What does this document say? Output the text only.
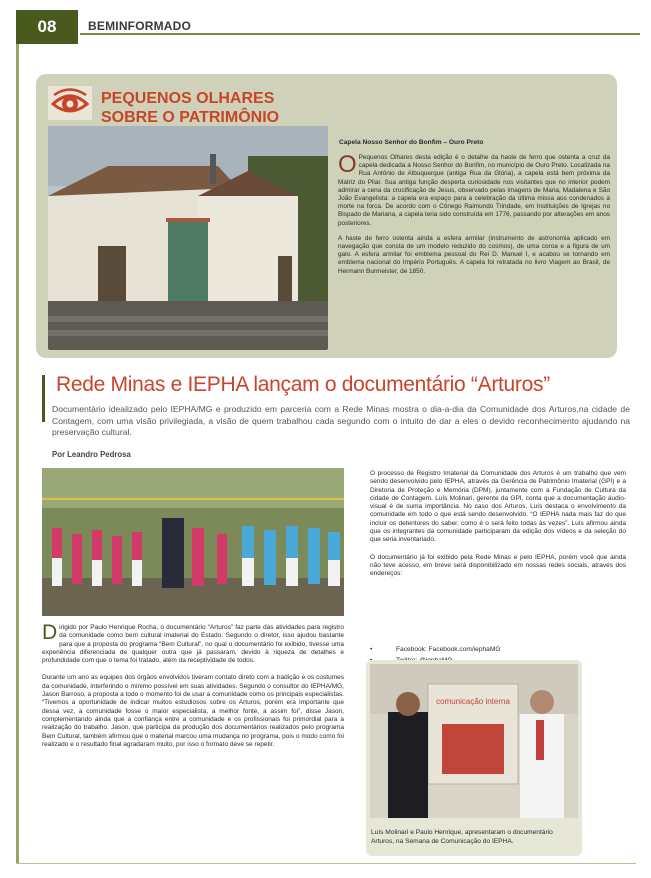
08	BEMINFORMADO
PEQUENOS OLHARES
SOBRE O PATRIMÔNIO
Capela Nosso Senhor do Bonfim – Ouro Preto

O Pequenos Olhares desta edição é o detalhe da haste de ferro que ostenta a cruz da capela dedicada a Nosso Senhor do Bonfim, no município de Ouro Preto. Localizada na Rua Antônio de Albuquerque (antiga Rua da Glória), a capela está bem próxima da Matriz do Pilar. Sua antiga função desperta curiosidade nos visitantes que no interior podem admirar a cena da crucificação de Jesus, observado pelas imagens de Maria, Madalena e São João Evangelista: a capela era espaço para a celebração da última missa aos condenados à morte na forca. De acordo com o Cônego Raimundo Trindade, em Instituições de Igrejas no Bispado de Mariana, a capela teria sido construída em 1776, passando por alterações em anos posteriores.

A haste de ferro ostenta ainda a esfera armilar (instrumento de astronomia aplicado em navegação que consta de um modelo reduzido do cosmos), de uma coroa e a figura de um galo. A esfera armilar foi emblema pessoal do Rei D. Manuel I, e acabou se tornando em emblema nacional do Império Português. A capela foi retratada no livro Viagem ao Brasil, de Hermann Burmeister, de 1850.

Rede Minas e IEPHA lançam o documentário “Arturos”
Documentário idealizado pelo IEPHA/MG e produzido em parceria com a Rede Minas mostra o dia-a-dia da Comunidade dos Arturos,na cidade de Contagem, com uma visão privilegiada, a visão de quem trabalhou cada segundo com o intuito de dar a eles o devido reconhecimento ajudando na preservação cultural.
Por Leandro Pedrosa

Dirigido por Paulo Henrique Rocha, o documentário “Arturos” faz parte das atividades para registro da comunidade como bem cultural imaterial do Estado. Segundo o diretor, isso ajudou bastante para que a proposta do programa “Bem Cultural”, no qual o documentário foi exibido, tivesse uma experiência diferenciada de qualquer outra que já passaram, devido à riqueza de detalhes e profundidade com que o tema foi tratado, além da receptividade de todos.

Durante um ano as equipes dos órgãos envolvidos tiveram contato direto com a tradição e os costumes da comunidade, interferindo o mínimo possível em suas atividades. Segundo o consultor do IEPHA/MG, Jason Barroso, a proposta a todo o momento foi de usar a comunidade como os principais especialistas. “Tivemos a oportunidade de indicar muitos estudiosos sobre os Arturos, porém era importante que dessa vez, a comunidade fosse o maior especialista, a melhor fonte, a assim foi”, disse Jason, complementando ainda que a confiança entre a comunidade e os profissionais foi primordial para a realização do trabalho. Jason, que participa da produção dos documentários realizados pelo programa Bem Cultural, também afirmou que o material marcou uma mudança no programa, pois o modo como foi realizado e o resultado final agradaram muito, por isso o formato deve se repetir.

O processo de Registro Imaterial da Comunidade dos Arturos é um trabalho que vem sendo desenvolvido pelo IEPHA, através da Gerência de Patrimônio Imaterial (GPI) e a Diretoria de Proteção e Memória (DPM), juntamente com a Fundação de Cultura da cidade de Contagem. Luís Molinari, gerente da GPI, conta que a documentação áudio- visual é de suma importância. No caso dos Arturos, Luís destaca o envolvimento da comunidade em todo o que está sendo desenvolvido. “O IEPHA nada mais faz do que incluir os detentores do saber, como é o será feito todas às vezes”. Luís afirmou ainda que os integrantes da comunidade participaram da edição dos vídeos e da seleção do que seria inventariado.

O documentário já foi exibido pela Rede Minas e pelo IEPHA, porém você que ainda não teve acesso, em breve será disponibilizado em nossas redes sociais, através dos endereços:

•	Facebook: Facebook.com/iephaMG
comunicação interna
Luís Molinari e Paulo Henrique, apresentaram o documentário Arturos, na Semana de Comunicação do IEPHA.
